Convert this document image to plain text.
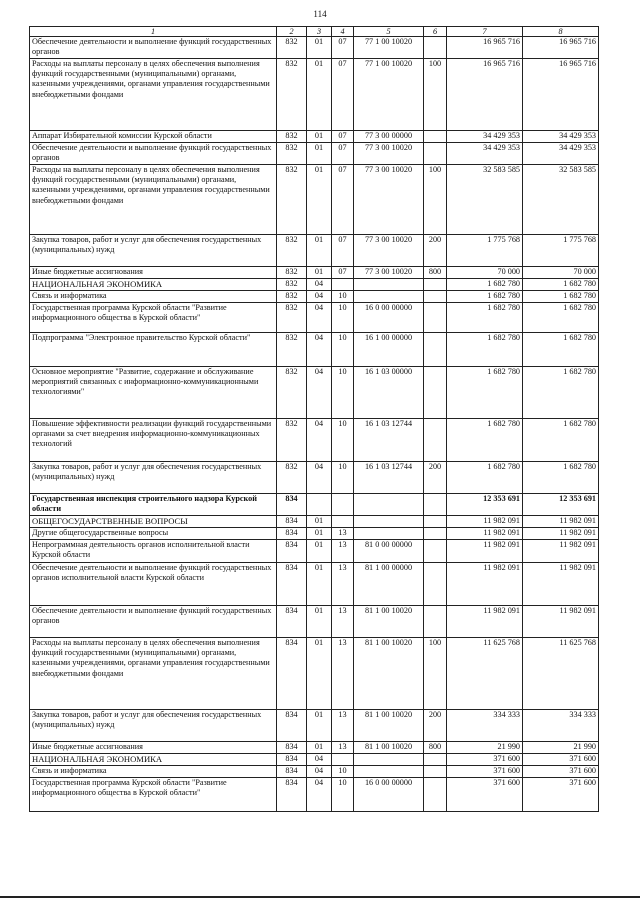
114
1	2	3	4	5	6	7	8
Обеспечение деятельности и выполнение функций государственных органов	832	01	07	77 1 00 10020		16 965 716	16 965 716
Расходы на выплаты персоналу в целях обеспечения выполнения функций государственными (муниципальными) органами, казенными учреждениями, органами управления государственными внебюджетными фондами	832	01	07	77 1 00 10020	100	16 965 716	16 965 716
Аппарат Избирательной комиссии Курской области	832	01	07	77 3 00 00000		34 429 353	34 429 353
Обеспечение деятельности и выполнение функций государственных органов	832	01	07	77 3 00 10020		34 429 353	34 429 353
Расходы на выплаты персоналу в целях обеспечения выполнения функций государственными (муниципальными) органами, казенными учреждениями, органами управления государственными внебюджетными фондами	832	01	07	77 3 00 10020	100	32 583 585	32 583 585
Закупка товаров, работ и услуг для обеспечения государственных (муниципальных) нужд	832	01	07	77 3 00 10020	200	1 775 768	1 775 768
Иные бюджетные ассигнования	832	01	07	77 3 00 10020	800	70 000	70 000
НАЦИОНАЛЬНАЯ ЭКОНОМИКА	832	04				1 682 780	1 682 780
Связь и информатика	832	04	10			1 682 780	1 682 780
Государственная программа Курской области "Развитие информационного общества в Курской области"	832	04	10	16 0 00 00000		1 682 780	1 682 780
Подпрограмма "Электронное правительство Курской области"	832	04	10	16 1 00 00000		1 682 780	1 682 780
Основное мероприятие "Развитие, содержание и обслуживание мероприятий связанных с информационно-коммуникационными технологиями"	832	04	10	16 1 03 00000		1 682 780	1 682 780
Повышение эффективности реализации функций государственными органами за счет внедрения информационно-коммуникационных технологий	832	04	10	16 1 03 12744		1 682 780	1 682 780
Закупка товаров, работ и услуг для обеспечения государственных (муниципальных) нужд	832	04	10	16 1 03 12744	200	1 682 780	1 682 780
Государственная инспекция строительного надзора Курской области	834					12 353 691	12 353 691
ОБЩЕГОСУДАРСТВЕННЫЕ ВОПРОСЫ	834	01				11 982 091	11 982 091
Другие общегосударственные вопросы	834	01	13			11 982 091	11 982 091
Непрограммная деятельность органов исполнительной власти Курской области	834	01	13	81 0 00 00000		11 982 091	11 982 091
Обеспечение деятельности и выполнение функций государственных органов исполнительной власти Курской области	834	01	13	81 1 00 00000		11 982 091	11 982 091
Обеспечение деятельности и выполнение функций государственных органов	834	01	13	81 1 00 10020		11 982 091	11 982 091
Расходы на выплаты персоналу в целях обеспечения выполнения функций государственными (муниципальными) органами, казенными учреждениями, органами управления государственными внебюджетными фондами	834	01	13	81 1 00 10020	100	11 625 768	11 625 768
Закупка товаров, работ и услуг для обеспечения государственных (муниципальных) нужд	834	01	13	81 1 00 10020	200	334 333	334 333
Иные бюджетные ассигнования	834	01	13	81 1 00 10020	800	21 990	21 990
НАЦИОНАЛЬНАЯ ЭКОНОМИКА	834	04				371 600	371 600
Связь и информатика	834	04	10			371 600	371 600
Государственная программа Курской области "Развитие информационного общества в Курской области"	834	04	10	16 0 00 00000		371 600	371 600
